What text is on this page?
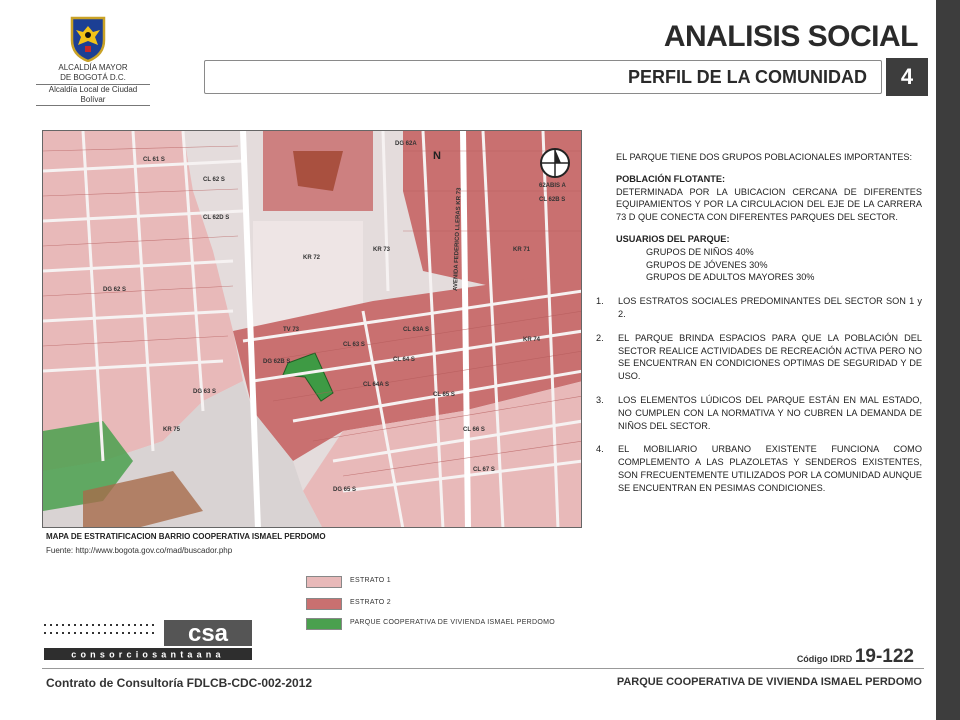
ALCALDÍA MAYOR
DE BOGOTÁ D.C.
Alcaldía Local de Ciudad Bolívar
ANALISIS SOCIAL
PERFIL DE LA COMUNIDAD	4
N
DG 62A
CL 61 S
CL 62 S
CL 62D S
KR 73
KR 72
CL 63 S
CL 64 S
CL 65 S
CL 66 S
CL 67 S
DG 65 S
DG 63 S
DG 62B S
AVENIDA FEDERICO LLERAS KR 73
62ABIS A
CL 62B S
KR 71
KR 74
CL 64A S
CL 63A S
DG 62 S
TV 73
KR 75
MAPA DE ESTRATIFICACION BARRIO COOPERATIVA ISMAEL PERDOMO
Fuente: http://www.bogota.gov.co/mad/buscador.php
ESTRATO 1
ESTRATO 2
PARQUE COOPERATIVA DE VIVIENDA ISMAEL PERDOMO

EL PARQUE TIENE DOS GRUPOS POBLACIONALES IMPORTANTES:

POBLACIÓN FLOTANTE:

DETERMINADA POR LA UBICACION CERCANA DE DIFERENTES EQUIPAMIENTOS Y POR LA CIRCULACION DEL EJE DE LA CARRERA 73 D QUE CONECTA CON DIFERENTES PARQUES DEL SECTOR.

USUARIOS DEL PARQUE:
GRUPOS DE NIÑOS 40%
GRUPOS DE JÓVENES 30%
GRUPOS DE ADULTOS MAYORES 30%
1. LOS ESTRATOS SOCIALES PREDOMINANTES DEL SECTOR SON 1 y 2.
2. EL PARQUE BRINDA ESPACIOS PARA QUE LA POBLACIÓN DEL SECTOR REALICE ACTIVIDADES DE RECREACIÓN ACTIVA PERO NO SE ENCUENTRAN EN CONDICIONES OPTIMAS DE SEGURIDAD Y DE USO.
3. LOS ELEMENTOS LÚDICOS DEL PARQUE ESTÁN EN MAL ESTADO, NO CUMPLEN CON LA NORMATIVA Y NO CUBREN LA DEMANDA DE NIÑOS DEL SECTOR.
4. EL MOBILIARIO URBANO EXISTENTE FUNCIONA COMO COMPLEMENTO A LAS PLAZOLETAS Y SENDEROS EXISTENTES, SON FRECUENTEMENTE UTILIZADOS POR LA COMUNIDAD AUNQUE SE ENCUENTRAN EN PESIMAS CONDICIONES.
csa
consorciosantaana	Código IDRD 19-122
Contrato de Consultoría FDLCB-CDC-002-2012	PARQUE COOPERATIVA DE VIVIENDA ISMAEL PERDOMO
